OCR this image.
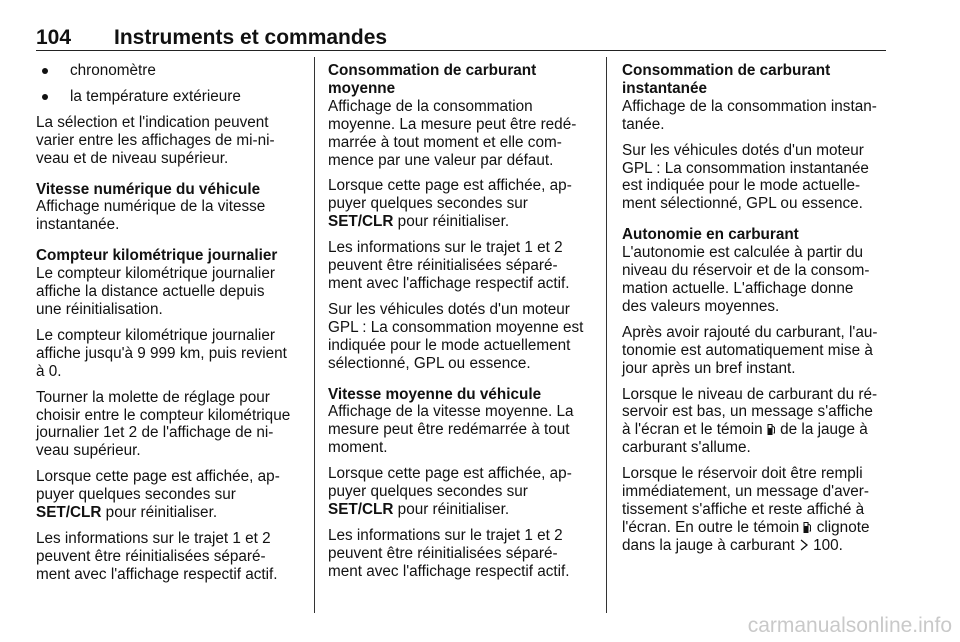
104 Instruments et commandes
chronomètre
la température extérieure
La sélection et l'indication peuvent
varier entre les affichages de mi-ni-
veau et de niveau supérieur.
Vitesse numérique du véhicule
Affichage numérique de la vitesse
instantanée.
Compteur kilométrique journalier
Le compteur kilométrique journalier
affiche la distance actuelle depuis
une réinitialisation.
Le compteur kilométrique journalier
affiche jusqu'à 9 999 km, puis revient
à 0.
Tourner la molette de réglage pour
choisir entre le compteur kilométrique
journalier 1et 2 de l'affichage de ni-
veau supérieur.
Lorsque cette page est affichée, ap-
puyer quelques secondes sur
SET/CLR pour réinitialiser.
Les informations sur le trajet 1 et 2
peuvent être réinitialisées séparé-
ment avec l'affichage respectif actif.
Consommation de carburant
moyenne
Affichage de la consommation
moyenne. La mesure peut être redé-
marrée à tout moment et elle com-
mence par une valeur par défaut.
Lorsque cette page est affichée, ap-
puyer quelques secondes sur
SET/CLR pour réinitialiser.
Les informations sur le trajet 1 et 2
peuvent être réinitialisées séparé-
ment avec l'affichage respectif actif.
Sur les véhicules dotés d'un moteur
GPL : La consommation moyenne est
indiquée pour le mode actuellement
sélectionné, GPL ou essence.
Vitesse moyenne du véhicule
Affichage de la vitesse moyenne. La
mesure peut être redémarrée à tout
moment.
Lorsque cette page est affichée, ap-
puyer quelques secondes sur
SET/CLR pour réinitialiser.
Les informations sur le trajet 1 et 2
peuvent être réinitialisées séparé-
ment avec l'affichage respectif actif.
Consommation de carburant
instantanée
Affichage de la consommation instan-
tanée.
Sur les véhicules dotés d'un moteur
GPL : La consommation instantanée
est indiquée pour le mode actuelle-
ment sélectionné, GPL ou essence.
Autonomie en carburant
L'autonomie est calculée à partir du
niveau du réservoir et de la consom-
mation actuelle. L'affichage donne
des valeurs moyennes.
Après avoir rajouté du carburant, l'au-
tonomie est automatiquement mise à
jour après un bref instant.
Lorsque le niveau de carburant du ré-
servoir est bas, un message s'affiche
à l'écran et le témoin  de la jauge à
carburant s'allume.
Lorsque le réservoir doit être rempli
immédiatement, un message d'aver-
tissement s'affiche et reste affiché à
l'écran. En outre le témoin  clignote
dans la jauge à carburant  100.
carmanualsonline.info
